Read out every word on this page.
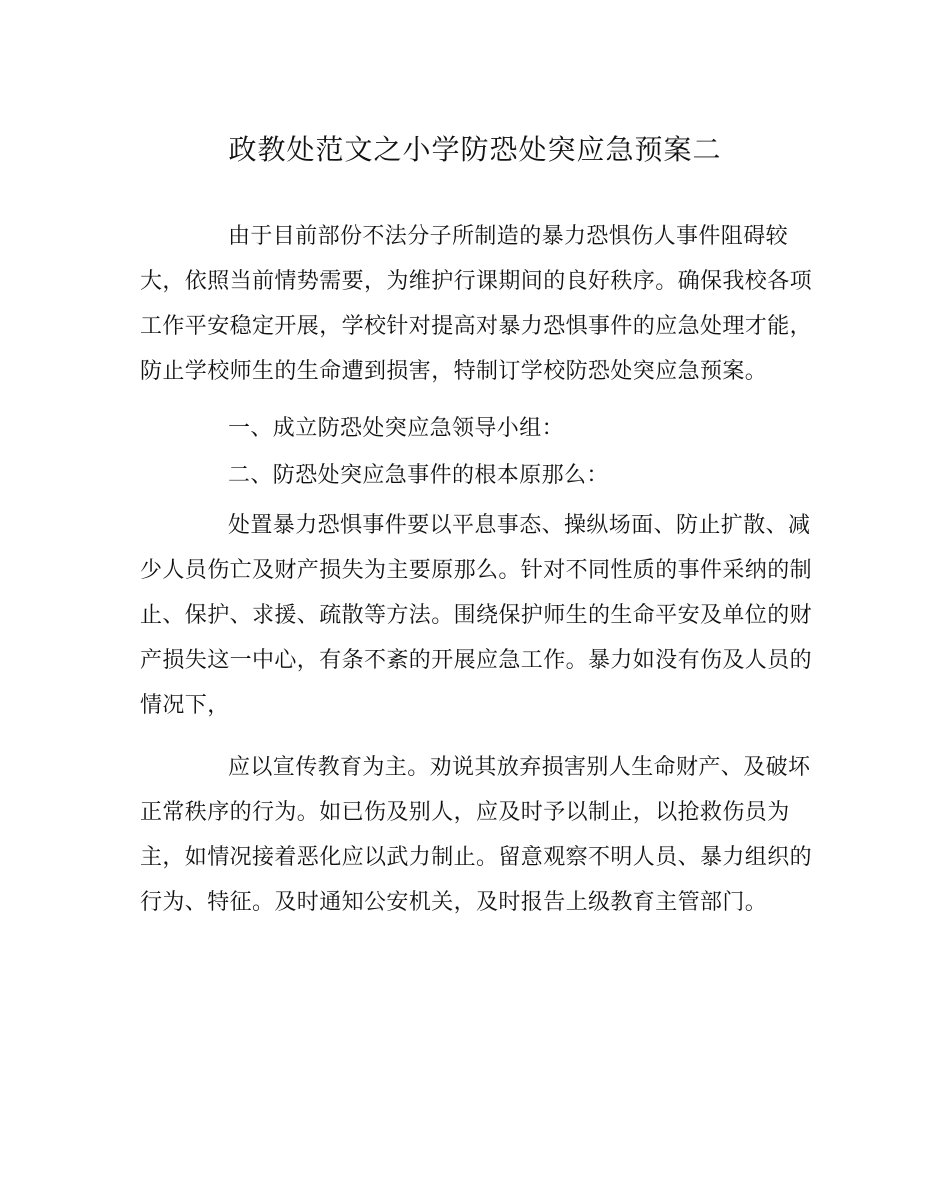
政教处范文之小学防恐处突应急预案二

由于目前部份不法分子所制造的暴力恐惧伤人事件阻碍较

大，依照当前情势需要，为维护行课期间的良好秩序。确保我校各项

工作平安稳定开展，学校针对提高对暴力恐惧事件的应急处理才能，

防止学校师生的生命遭到损害，特制订学校防恐处突应急预案。

一、成立防恐处突应急领导小组：

二、防恐处突应急事件的根本原那么：

处置暴力恐惧事件要以平息事态、操纵场面、防止扩散、减

少人员伤亡及财产损失为主要原那么。针对不同性质的事件采纳的制

止、保护、求援、疏散等方法。围绕保护师生的生命平安及单位的财

产损失这一中心，有条不紊的开展应急工作。暴力如没有伤及人员的

情况下，

应以宣传教育为主。劝说其放弃损害别人生命财产、及破坏

正常秩序的行为。如已伤及别人，应及时予以制止，以抢救伤员为

主，如情况接着恶化应以武力制止。留意观察不明人员、暴力组织的

行为、特征。及时通知公安机关，及时报告上级教育主管部门。
